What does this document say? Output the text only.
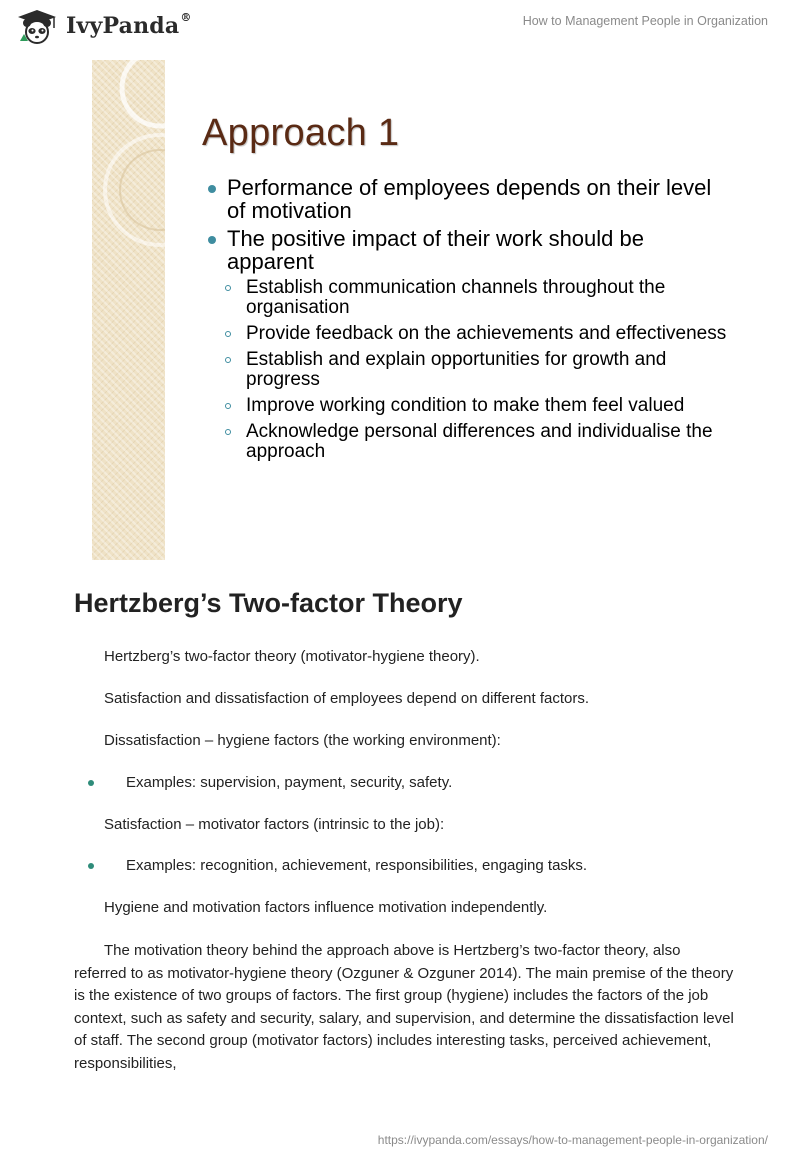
IvyPanda®	How to Management People in Organization
Approach 1
Performance of employees depends on their level of motivation
The positive impact of their work should be apparent
Establish communication channels throughout the organisation
Provide feedback on the achievements and effectiveness
Establish and explain opportunities for growth and progress
Improve working condition to make them feel valued
Acknowledge personal differences and individualise the approach
Hertzberg’s Two-factor Theory
Hertzberg’s two-factor theory (motivator-hygiene theory).
Satisfaction and dissatisfaction of employees depend on different factors.
Dissatisfaction – hygiene factors (the working environment):
Examples: supervision, payment, security, safety.
Satisfaction – motivator factors (intrinsic to the job):
Examples: recognition, achievement, responsibilities, engaging tasks.
Hygiene and motivation factors influence motivation independently.

The motivation theory behind the approach above is Hertzberg’s two-factor theory, also referred to as motivator-hygiene theory (Ozguner & Ozguner 2014). The main premise of the theory is the existence of two groups of factors. The first group (hygiene) includes the factors of the job context, such as safety and security, salary, and supervision, and determine the dissatisfaction level of staff. The second group (motivator factors) includes interesting tasks, perceived achievement, responsibilities,

https://ivypanda.com/essays/how-to-management-people-in-organization/
